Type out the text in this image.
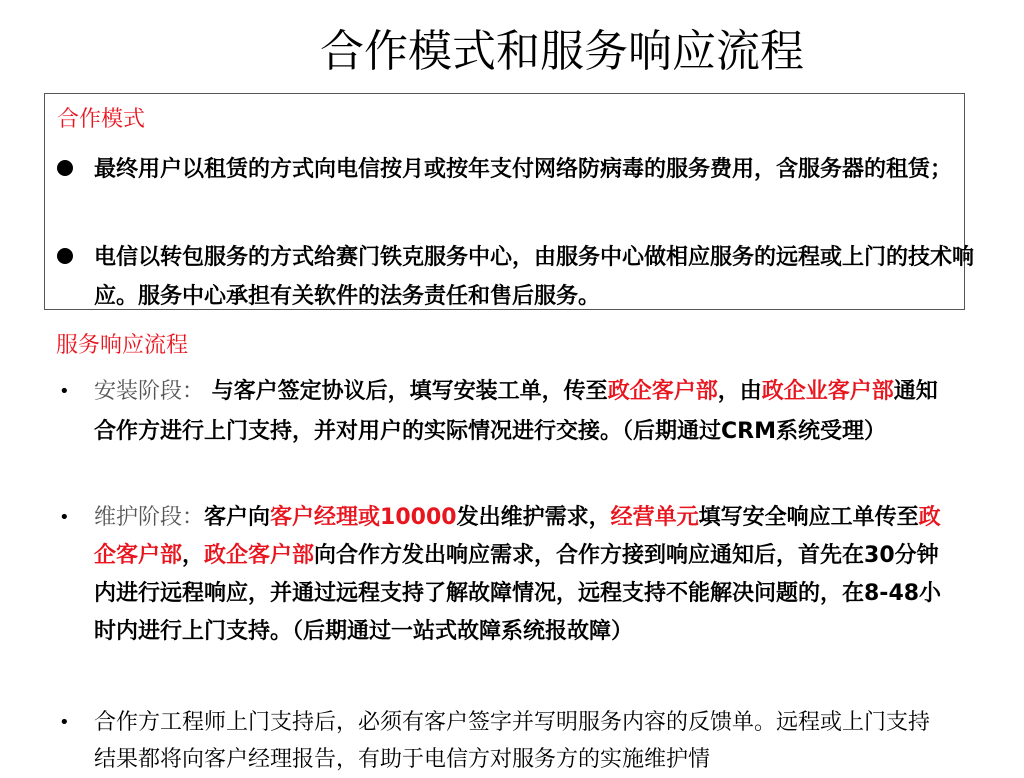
合作模式和服务响应流程
合作模式

最终用户以租赁的方式向电信按月或按年支付网络防病毒的服务费用，含服务器的租赁；

电信以转包服务的方式给赛门铁克服务中心，由服务中心做相应服务的远程或上门的技术响应。服务中心承担有关软件的法务责任和售后服务。

服务响应流程
• 安装阶段： 与客户签定协议后，填写安装工单，传至政企客户部，由政企业客户部通知合作方进行上门支持，并对用户的实际情况进行交接。（后期通过CRM系统受理）

• 维护阶段：客户向客户经理或10000发出维护需求，经营单元填写安全响应工单传至政企客户部，政企客户部向合作方发出响应需求，合作方接到响应通知后，首先在30分钟内进行远程响应，并通过远程支持了解故障情况，远程支持不能解决问题的，在8-48小时内进行上门支持。（后期通过一站式故障系统报故障）

• 合作方工程师上门支持后，必须有客户签字并写明服务内容的反馈单。远程或上门支持结果都将向客户经理报告，有助于电信方对服务方的实施维护情
